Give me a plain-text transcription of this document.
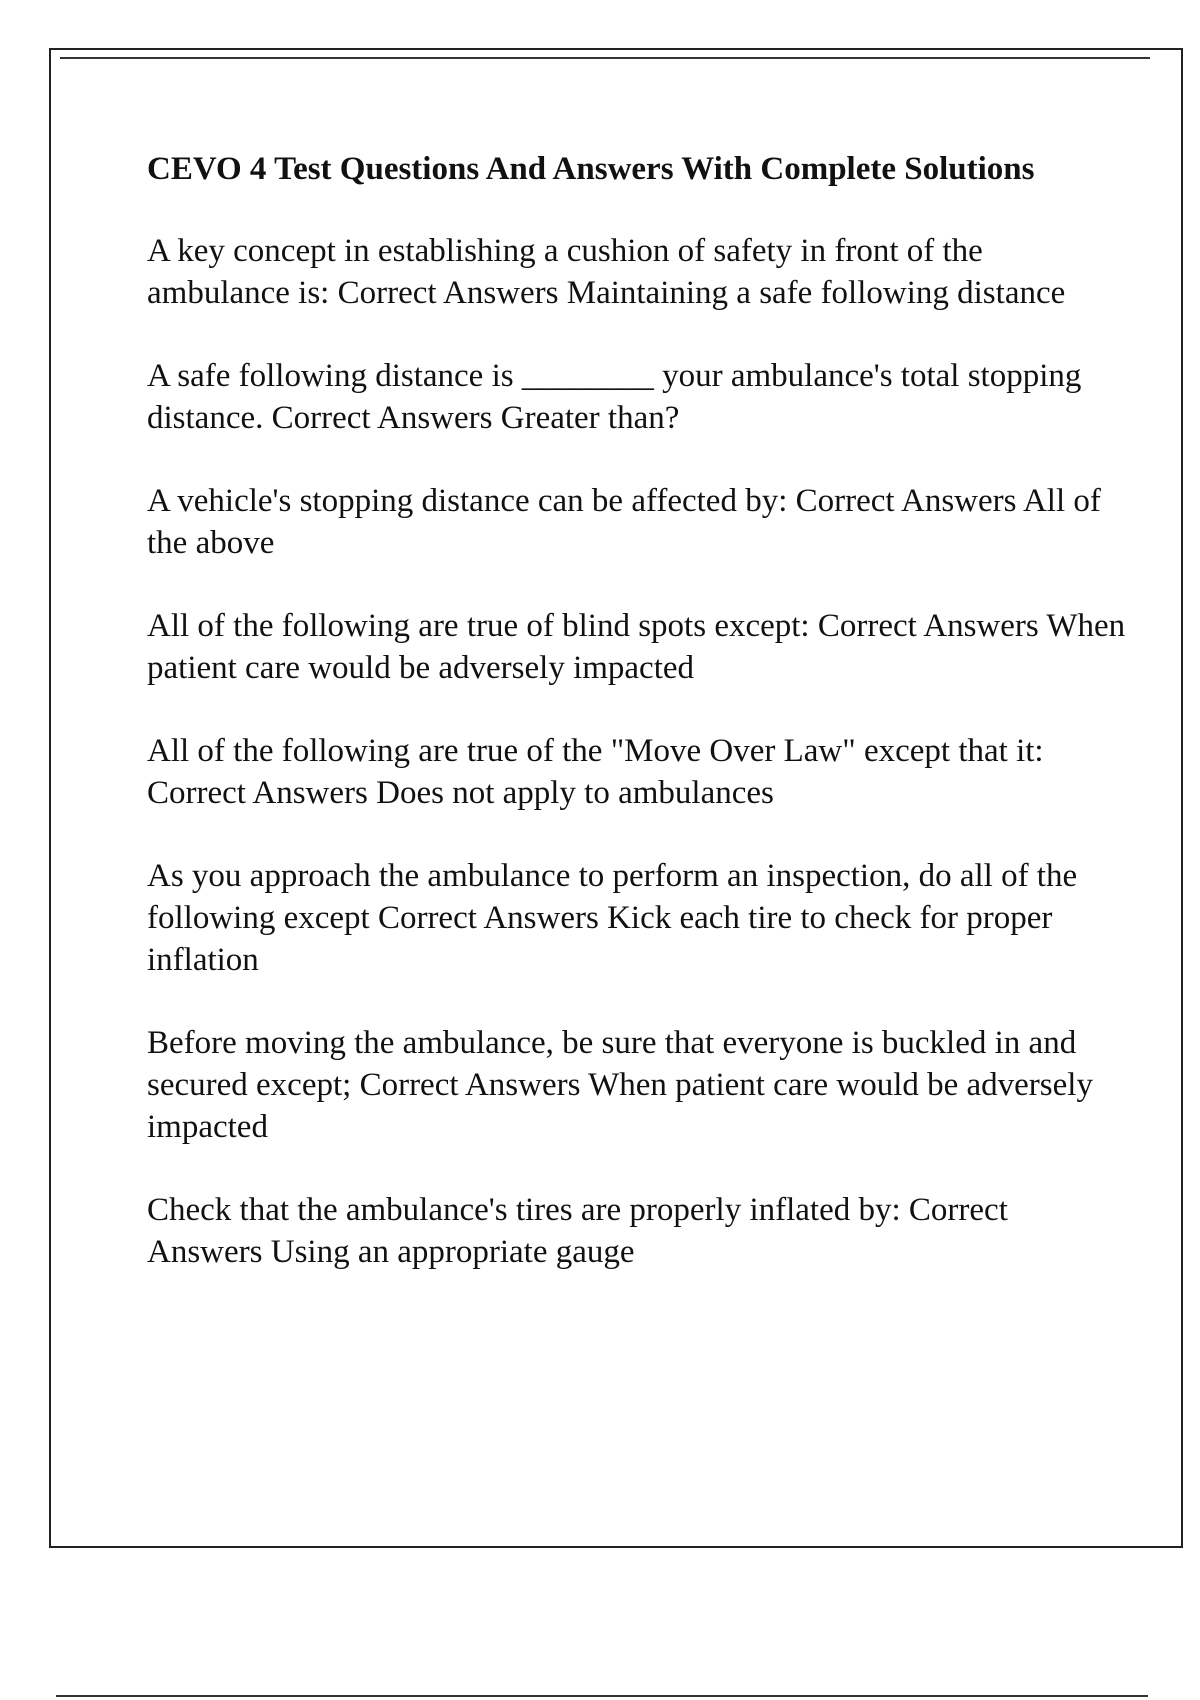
CEVO 4 Test Questions And Answers With Complete Solutions

A key concept in establishing a cushion of safety in front of the ambulance is: Correct Answers Maintaining a safe following distance

A safe following distance is ________ your ambulance's total stopping distance. Correct Answers Greater than?

A vehicle's stopping distance can be affected by: Correct Answers All of the above

All of the following are true of blind spots except: Correct Answers When patient care would be adversely impacted

All of the following are true of the "Move Over Law" except that it: Correct Answers Does not apply to ambulances

As you approach the ambulance to perform an inspection, do all of the following except Correct Answers Kick each tire to check for proper inflation

Before moving the ambulance, be sure that everyone is buckled in and secured except; Correct Answers When patient care would be adversely impacted

Check that the ambulance's tires are properly inflated by: Correct Answers Using an appropriate gauge
